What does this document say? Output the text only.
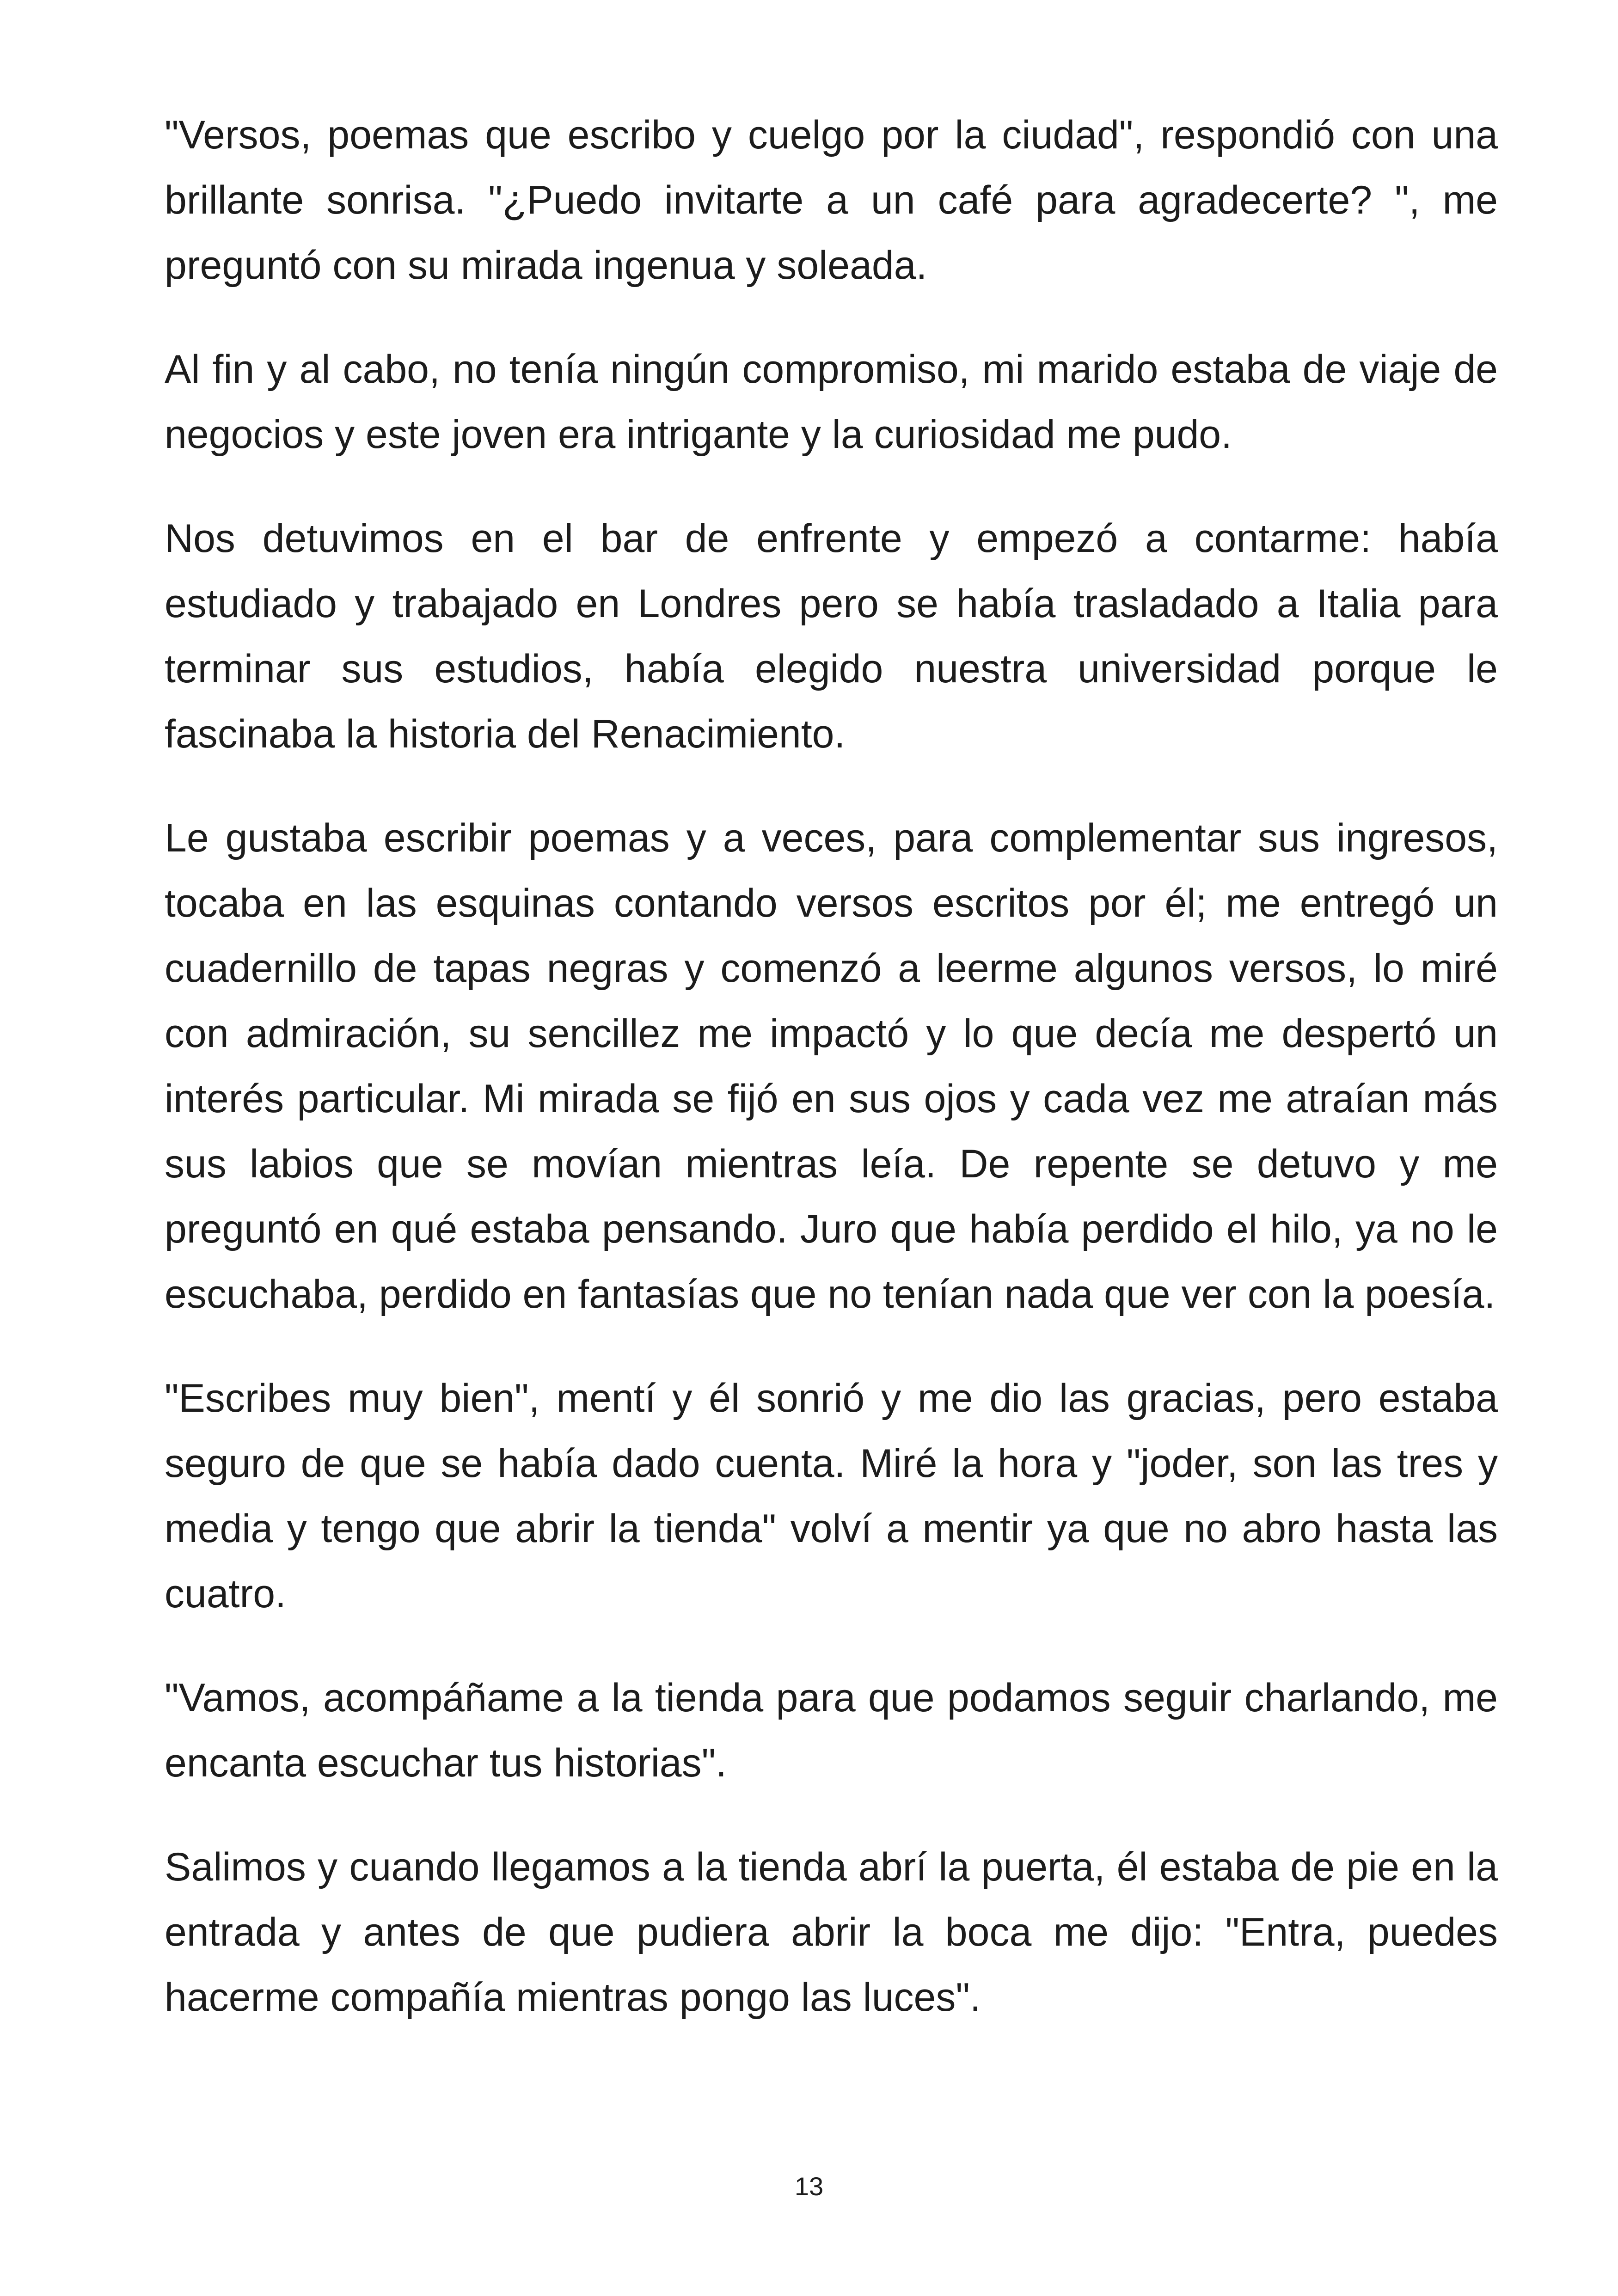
"Versos, poemas que escribo y cuelgo por la ciudad", respondió con una brillante sonrisa. "¿Puedo invitarte a un café para agradecerte? ", me preguntó con su mirada ingenua y soleada.

Al fin y al cabo, no tenía ningún compromiso, mi marido estaba de viaje de negocios y este joven era intrigante y la curiosidad me pudo.

Nos detuvimos en el bar de enfrente y empezó a contarme: había estudiado y trabajado en Londres pero se había trasladado a Italia para terminar sus estudios, había elegido nuestra universidad porque le fascinaba la historia del Renacimiento.

Le gustaba escribir poemas y a veces, para complementar sus ingresos, tocaba en las esquinas contando versos escritos por él; me entregó un cuadernillo de tapas negras y comenzó a leerme algunos versos, lo miré con admiración, su sencillez me impactó y lo que decía me despertó un interés particular. Mi mirada se fijó en sus ojos y cada vez me atraían más sus labios que se movían mientras leía. De repente se detuvo y me preguntó en qué estaba pensando. Juro que había perdido el hilo, ya no le escuchaba, perdido en fantasías que no tenían nada que ver con la poesía.

"Escribes muy bien", mentí y él sonrió y me dio las gracias, pero estaba seguro de que se había dado cuenta. Miré la hora y "joder, son las tres y media y tengo que abrir la tienda" volví a mentir ya que no abro hasta las cuatro.

"Vamos, acompáñame a la tienda para que podamos seguir charlando, me encanta escuchar tus historias".

Salimos y cuando llegamos a la tienda abrí la puerta, él estaba de pie en la entrada y antes de que pudiera abrir la boca me dijo: "Entra, puedes hacerme compañía mientras pongo las luces".

13
